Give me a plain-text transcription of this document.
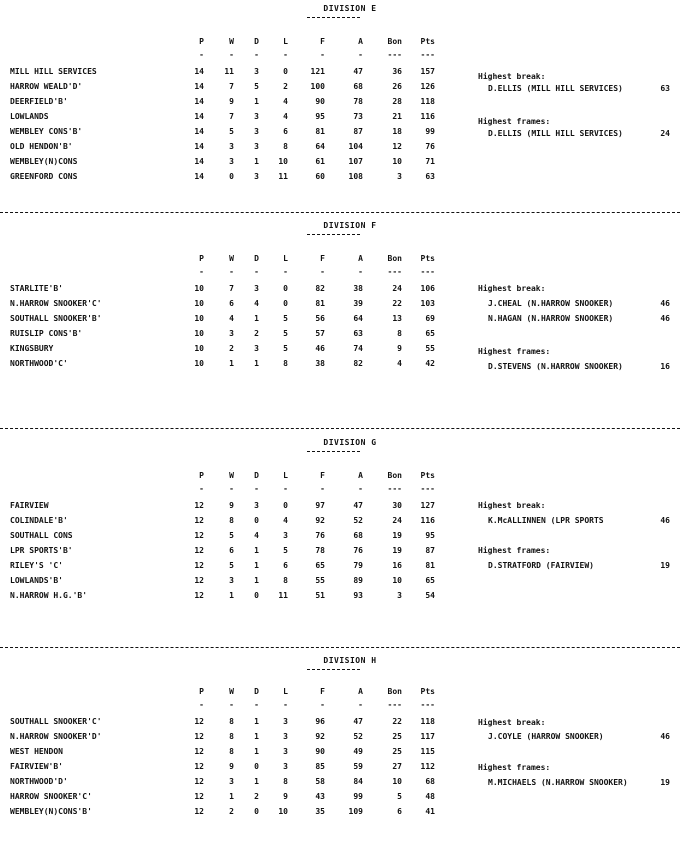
DIVISION E
P	W	D	L	F	A	Bon	Pts
-	-	-	-	-	-	---	---
MILL HILL SERVICES	14	11	3	0	121	47	36	157
HARROW WEALD'D'	14	7	5	2	100	68	26	126
DEERFIELD'B'	14	9	1	4	90	78	28	118
LOWLANDS	14	7	3	4	95	73	21	116
WEMBLEY CONS'B'	14	5	3	6	81	87	18	99
OLD HENDON'B'	14	3	3	8	64	104	12	76
WEMBLEY(N)CONS	14	3	1	10	61	107	10	71
GREENFORD CONS	14	0	3	11	60	108	3	63
Highest break:
D.ELLIS (MILL HILL SERVICES)	63
Highest frames:
D.ELLIS (MILL HILL SERVICES)	24
DIVISION F
P	W	D	L	F	A	Bon	Pts
-	-	-	-	-	-	---	---
STARLITE'B'	10	7	3	0	82	38	24	106
N.HARROW SNOOKER'C'	10	6	4	0	81	39	22	103
SOUTHALL SNOOKER'B'	10	4	1	5	56	64	13	69
RUISLIP CONS'B'	10	3	2	5	57	63	8	65
KINGSBURY	10	2	3	5	46	74	9	55
NORTHWOOD'C'	10	1	1	8	38	82	4	42
Highest break:
J.CHEAL (N.HARROW SNOOKER)	46
N.HAGAN (N.HARROW SNOOKER)	46
Highest frames:
D.STEVENS (N.HARROW SNOOKER)	16
DIVISION G
P	W	D	L	F	A	Bon	Pts
-	-	-	-	-	-	---	---
FAIRVIEW	12	9	3	0	97	47	30	127
COLINDALE'B'	12	8	0	4	92	52	24	116
SOUTHALL CONS	12	5	4	3	76	68	19	95
LPR SPORTS'B'	12	6	1	5	78	76	19	87
RILEY'S 'C'	12	5	1	6	65	79	16	81
LOWLANDS'B'	12	3	1	8	55	89	10	65
N.HARROW H.G.'B'	12	1	0	11	51	93	3	54
Highest break:
K.McALLINNEN (LPR SPORTS	46
Highest frames:
D.STRATFORD (FAIRVIEW)	19
DIVISION H
P	W	D	L	F	A	Bon	Pts
-	-	-	-	-	-	---	---
SOUTHALL SNOOKER'C'	12	8	1	3	96	47	22	118
N.HARROW SNOOKER'D'	12	8	1	3	92	52	25	117
WEST HENDON	12	8	1	3	90	49	25	115
FAIRVIEW'B'	12	9	0	3	85	59	27	112
NORTHWOOD'D'	12	3	1	8	58	84	10	68
HARROW SNOOKER'C'	12	1	2	9	43	99	5	48
WEMBLEY(N)CONS'B'	12	2	0	10	35	109	6	41
Highest break:
J.COYLE (HARROW SNOOKER)	46
Highest frames:
M.MICHAELS (N.HARROW SNOOKER)	19
